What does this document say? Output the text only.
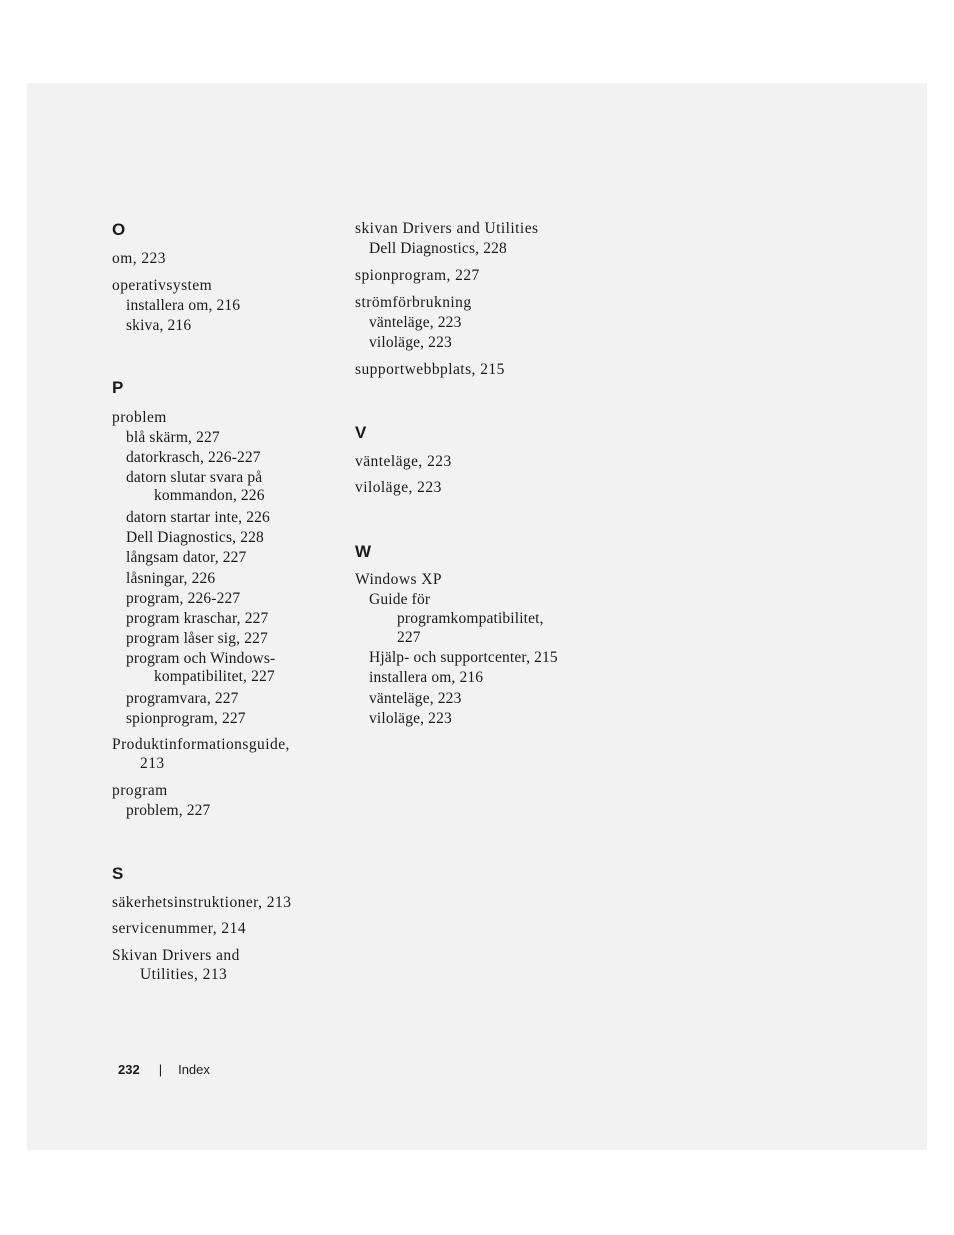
O
om, 223
operativsystem
installera om, 216
skiva, 216
P
problem
blå skärm, 227
datorkrasch, 226-227
datorn slutar svara på
kommandon, 226
datorn startar inte, 226
Dell Diagnostics, 228
långsam dator, 227
låsningar, 226
program, 226-227
program kraschar, 227
program låser sig, 227
program och Windows-
kompatibilitet, 227
programvara, 227
spionprogram, 227
Produktinformationsguide,
213
program
problem, 227
S
säkerhetsinstruktioner, 213
servicenummer, 214
Skivan Drivers and
Utilities, 213
skivan Drivers and Utilities
Dell Diagnostics, 228
spionprogram, 227
strömförbrukning
vänteläge, 223
viloläge, 223
supportwebbplats, 215
V
vänteläge, 223
viloläge, 223
W
Windows XP
Guide för
programkompatibilitet,
227
Hjälp- och supportcenter, 215
installera om, 216
vänteläge, 223
viloläge, 223
232 | Index
